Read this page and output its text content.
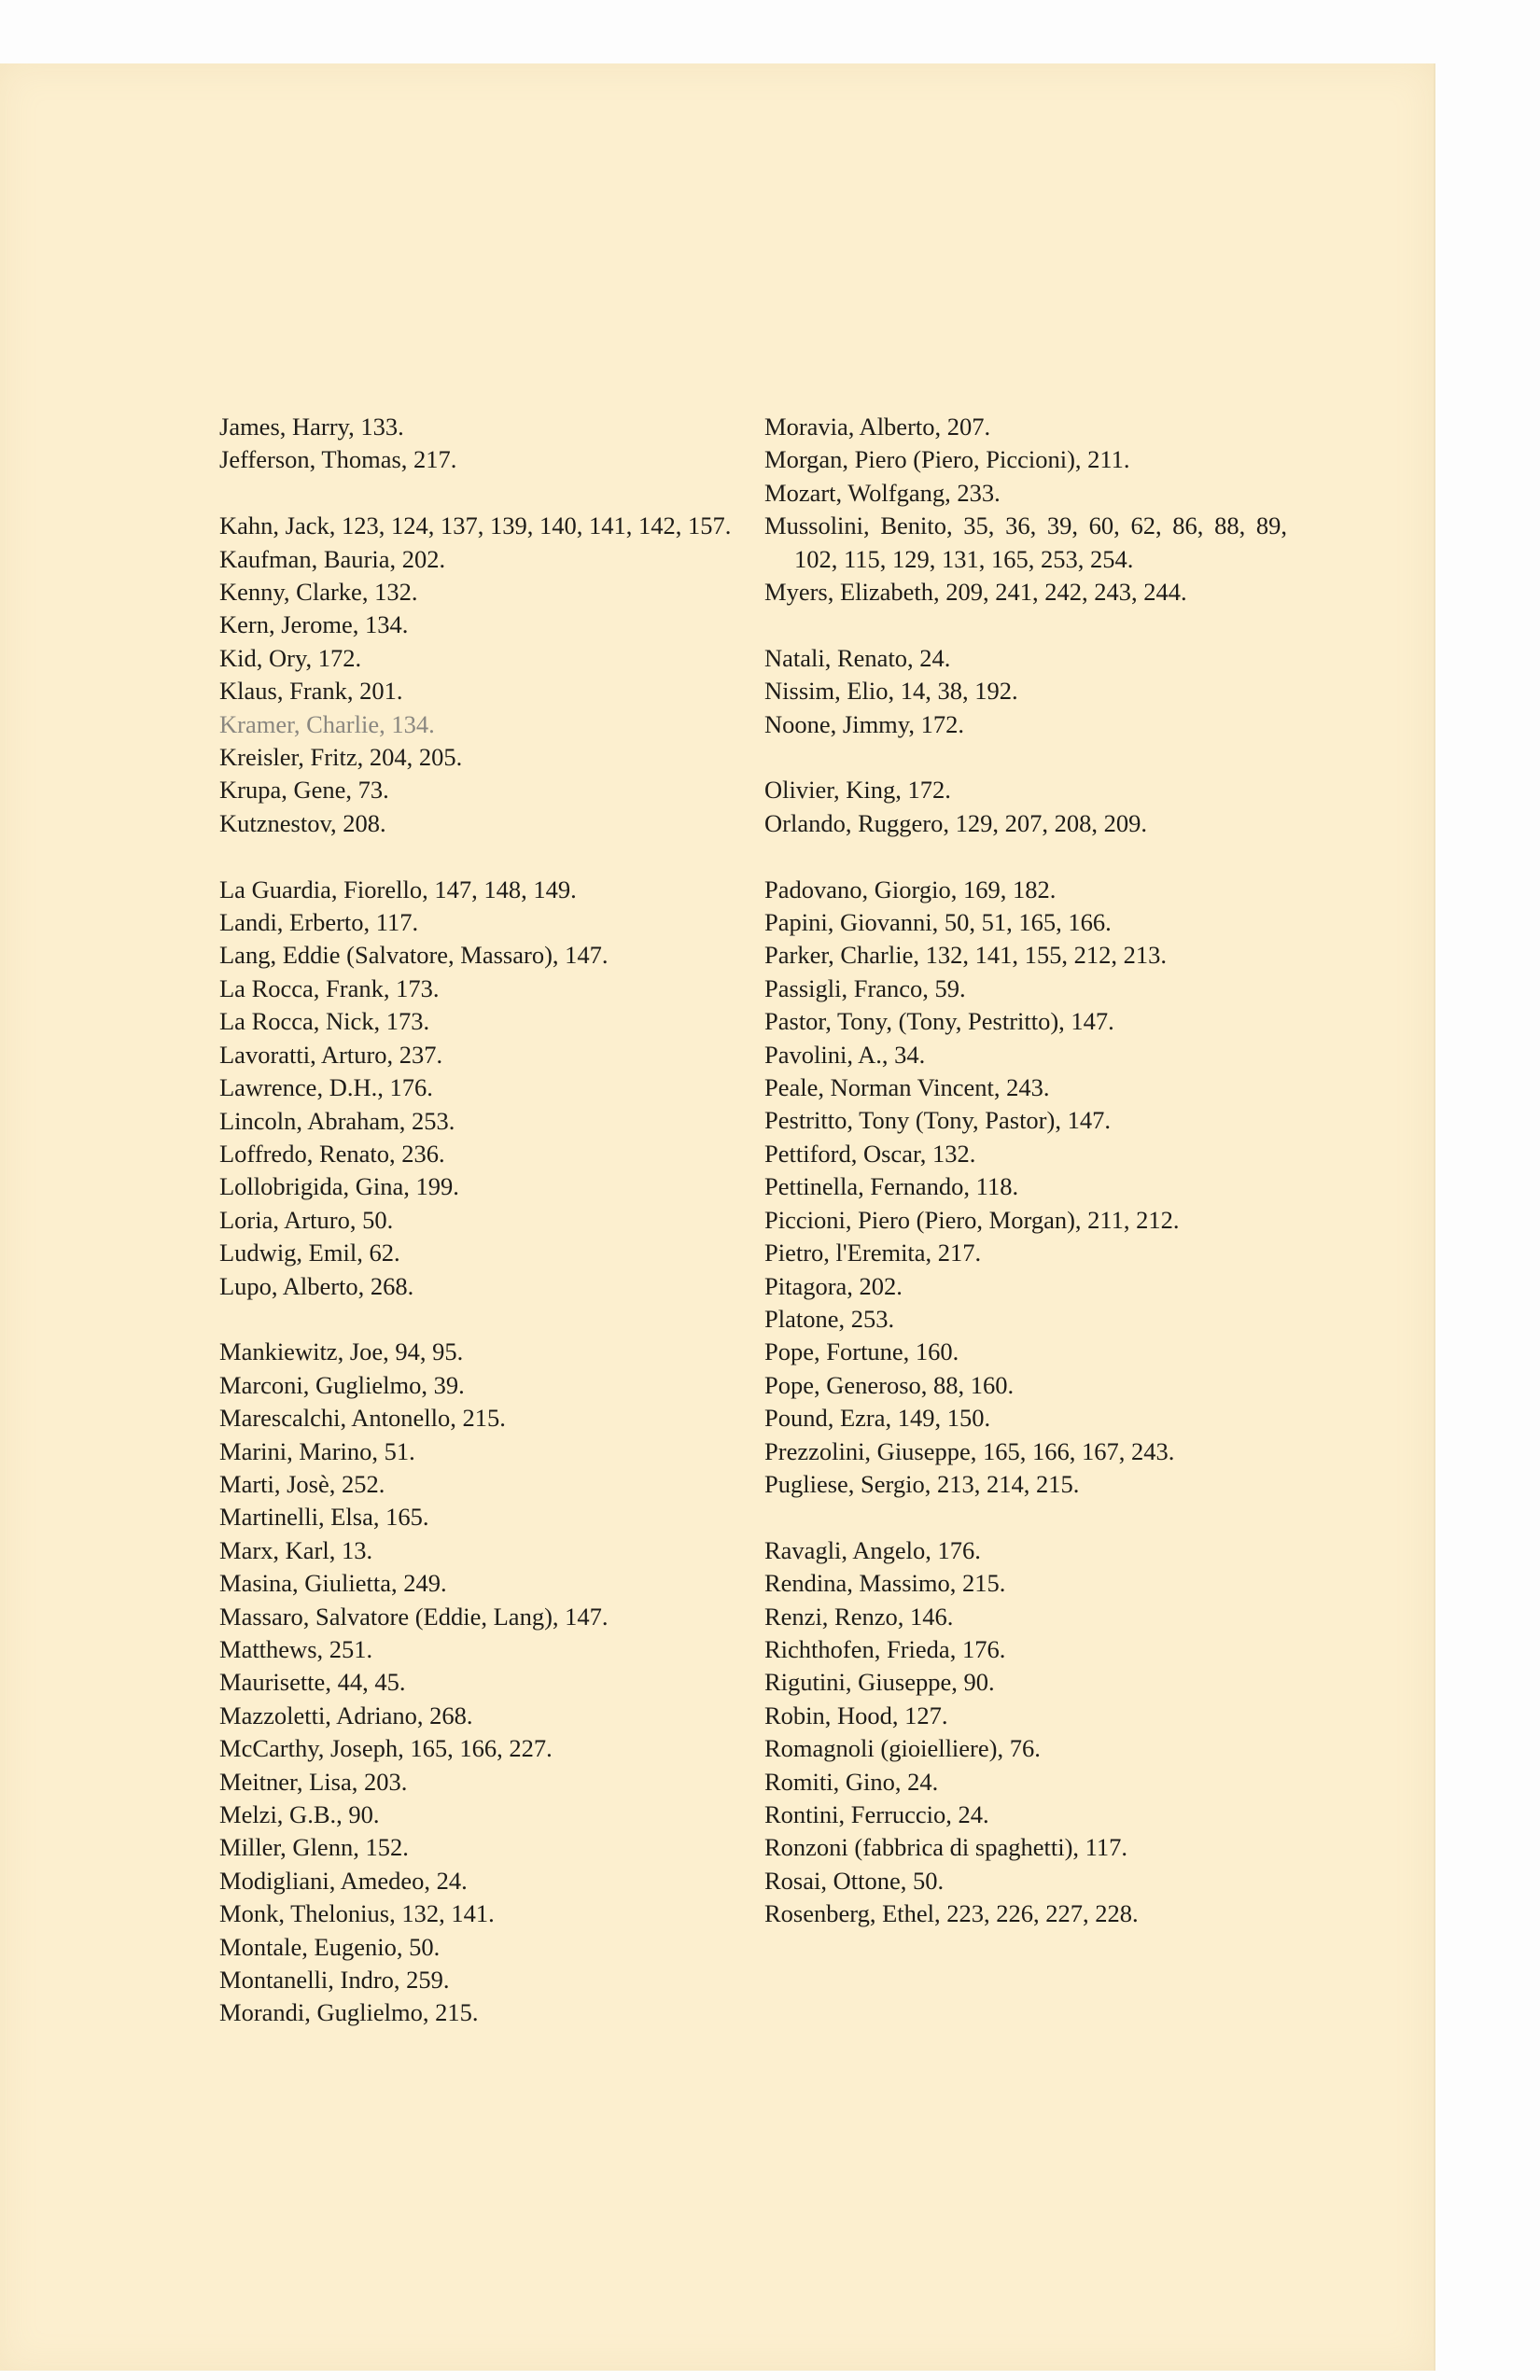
James, Harry, 133.
Jefferson, Thomas, 217.
Kahn, Jack, 123, 124, 137, 139, 140, 141, 142, 157.
Kaufman, Bauria, 202.
Kenny, Clarke, 132.
Kern, Jerome, 134.
Kid, Ory, 172.
Klaus, Frank, 201.
Kramer, Charlie, 134.
Kreisler, Fritz, 204, 205.
Krupa, Gene, 73.
Kutznestov, 208.
La Guardia, Fiorello, 147, 148, 149.
Landi, Erberto, 117.
Lang, Eddie (Salvatore, Massaro), 147.
La Rocca, Frank, 173.
La Rocca, Nick, 173.
Lavoratti, Arturo, 237.
Lawrence, D.H., 176.
Lincoln, Abraham, 253.
Loffredo, Renato, 236.
Lollobrigida, Gina, 199.
Loria, Arturo, 50.
Ludwig, Emil, 62.
Lupo, Alberto, 268.
Mankiewitz, Joe, 94, 95.
Marconi, Guglielmo, 39.
Marescalchi, Antonello, 215.
Marini, Marino, 51.
Marti, Josè, 252.
Martinelli, Elsa, 165.
Marx, Karl, 13.
Masina, Giulietta, 249.
Massaro, Salvatore (Eddie, Lang), 147.
Matthews, 251.
Maurisette, 44, 45.
Mazzoletti, Adriano, 268.
McCarthy, Joseph, 165, 166, 227.
Meitner, Lisa, 203.
Melzi, G.B., 90.
Miller, Glenn, 152.
Modigliani, Amedeo, 24.
Monk, Thelonius, 132, 141.
Montale, Eugenio, 50.
Montanelli, Indro, 259.
Morandi, Guglielmo, 215.
Moravia, Alberto, 207.
Morgan, Piero (Piero, Piccioni), 211.
Mozart, Wolfgang, 233.
Mussolini, Benito, 35, 36, 39, 60, 62, 86, 88, 89, 102, 115, 129, 131, 165, 253, 254.
Myers, Elizabeth, 209, 241, 242, 243, 244.
Natali, Renato, 24.
Nissim, Elio, 14, 38, 192.
Noone, Jimmy, 172.
Olivier, King, 172.
Orlando, Ruggero, 129, 207, 208, 209.
Padovano, Giorgio, 169, 182.
Papini, Giovanni, 50, 51, 165, 166.
Parker, Charlie, 132, 141, 155, 212, 213.
Passigli, Franco, 59.
Pastor, Tony, (Tony, Pestritto), 147.
Pavolini, A., 34.
Peale, Norman Vincent, 243.
Pestritto, Tony (Tony, Pastor), 147.
Pettiford, Oscar, 132.
Pettinella, Fernando, 118.
Piccioni, Piero (Piero, Morgan), 211, 212.
Pietro, l'Eremita, 217.
Pitagora, 202.
Platone, 253.
Pope, Fortune, 160.
Pope, Generoso, 88, 160.
Pound, Ezra, 149, 150.
Prezzolini, Giuseppe, 165, 166, 167, 243.
Pugliese, Sergio, 213, 214, 215.
Ravagli, Angelo, 176.
Rendina, Massimo, 215.
Renzi, Renzo, 146.
Richthofen, Frieda, 176.
Rigutini, Giuseppe, 90.
Robin, Hood, 127.
Romagnoli (gioielliere), 76.
Romiti, Gino, 24.
Rontini, Ferruccio, 24.
Ronzoni (fabbrica di spaghetti), 117.
Rosai, Ottone, 50.
Rosenberg, Ethel, 223, 226, 227, 228.
